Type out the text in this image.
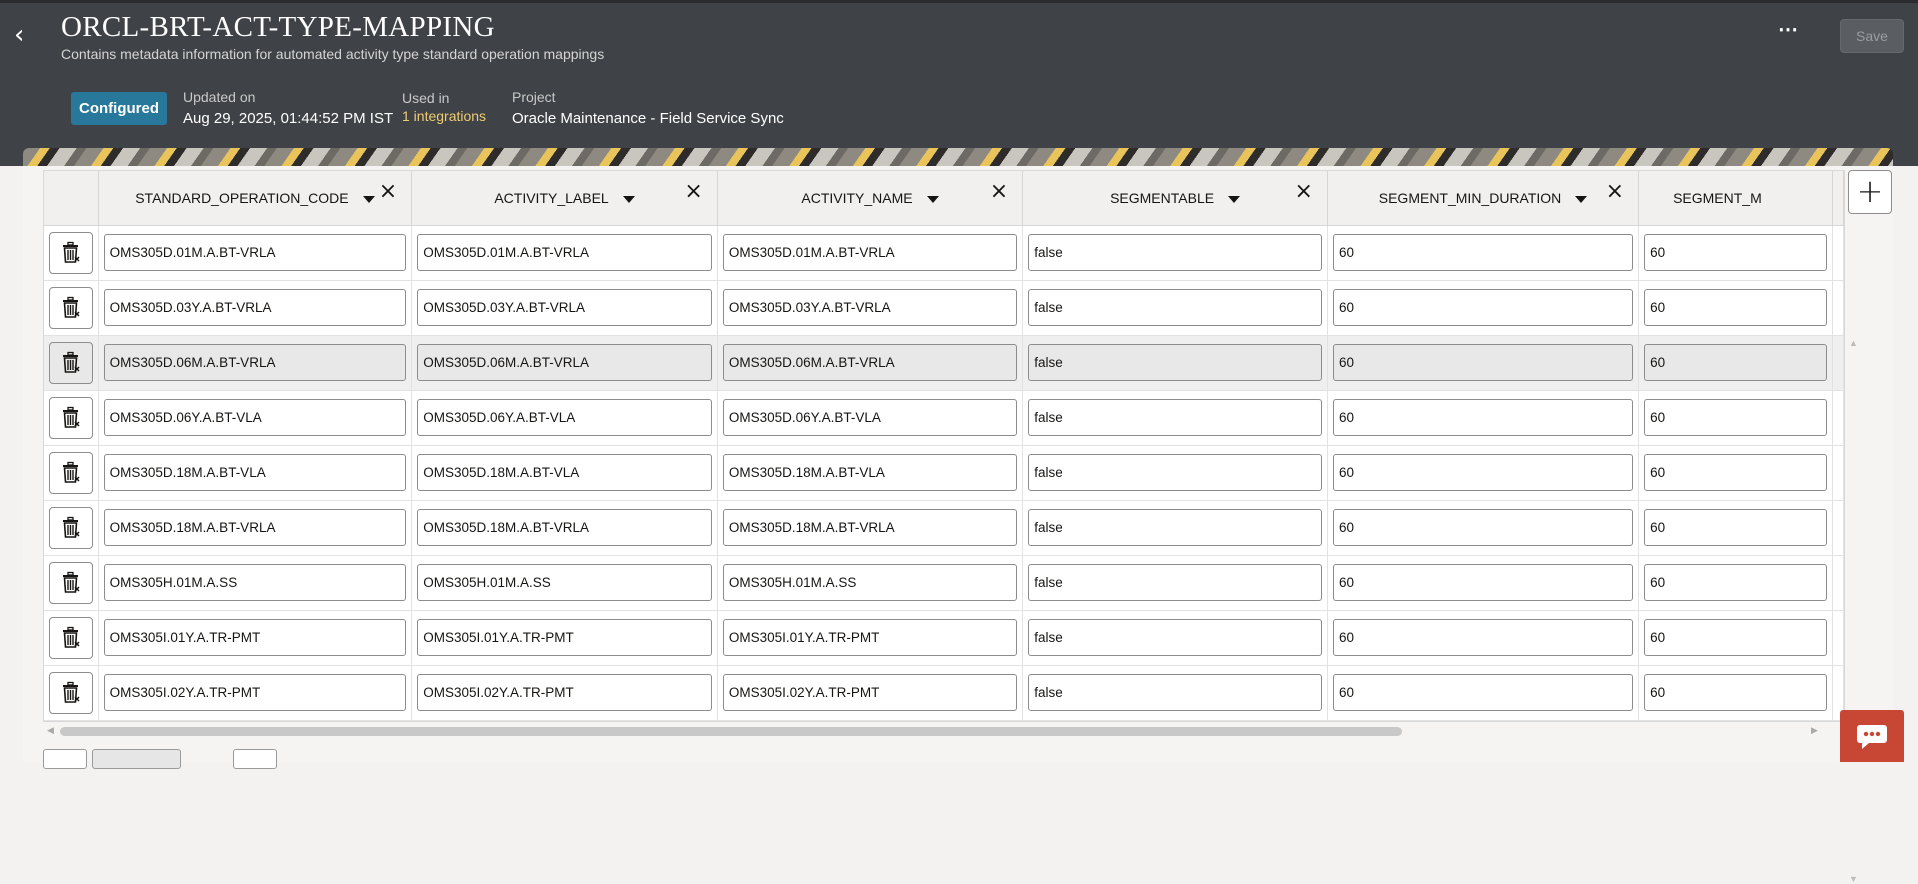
‹	ORCL-BRT-ACT-TYPE-MAPPING
Contains metadata information for automated activity type standard operation mappings
⋯	Save
Configured
Updated on
Aug 29, 2025, 01:44:52 PM IST
Used in
1 integrations
Project
Oracle Maintenance - Field Service Sync
	STANDARD_OPERATION_CODE ×	ACTIVITY_LABEL ×	ACTIVITY_NAME ×	SEGMENTABLE ×	SEGMENT_MIN_DURATION ×	SEGMENT_M	

	OMS305D.01M.A.BT-VRLA	OMS305D.01M.A.BT-VRLA	OMS305D.01M.A.BT-VRLA	false	60	60	

	OMS305D.03Y.A.BT-VRLA	OMS305D.03Y.A.BT-VRLA	OMS305D.03Y.A.BT-VRLA	false	60	60	

	OMS305D.06M.A.BT-VRLA	OMS305D.06M.A.BT-VRLA	OMS305D.06M.A.BT-VRLA	false	60	60	

	OMS305D.06Y.A.BT-VLA	OMS305D.06Y.A.BT-VLA	OMS305D.06Y.A.BT-VLA	false	60	60	

	OMS305D.18M.A.BT-VLA	OMS305D.18M.A.BT-VLA	OMS305D.18M.A.BT-VLA	false	60	60	

	OMS305D.18M.A.BT-VRLA	OMS305D.18M.A.BT-VRLA	OMS305D.18M.A.BT-VRLA	false	60	60	

	OMS305H.01M.A.SS	OMS305H.01M.A.SS	OMS305H.01M.A.SS	false	60	60	

	OMS305I.01Y.A.TR-PMT	OMS305I.01Y.A.TR-PMT	OMS305I.01Y.A.TR-PMT	false	60	60	

	OMS305I.02Y.A.TR-PMT	OMS305I.02Y.A.TR-PMT	OMS305I.02Y.A.TR-PMT	false	60	60	
▲
▼
+
◀	▶
